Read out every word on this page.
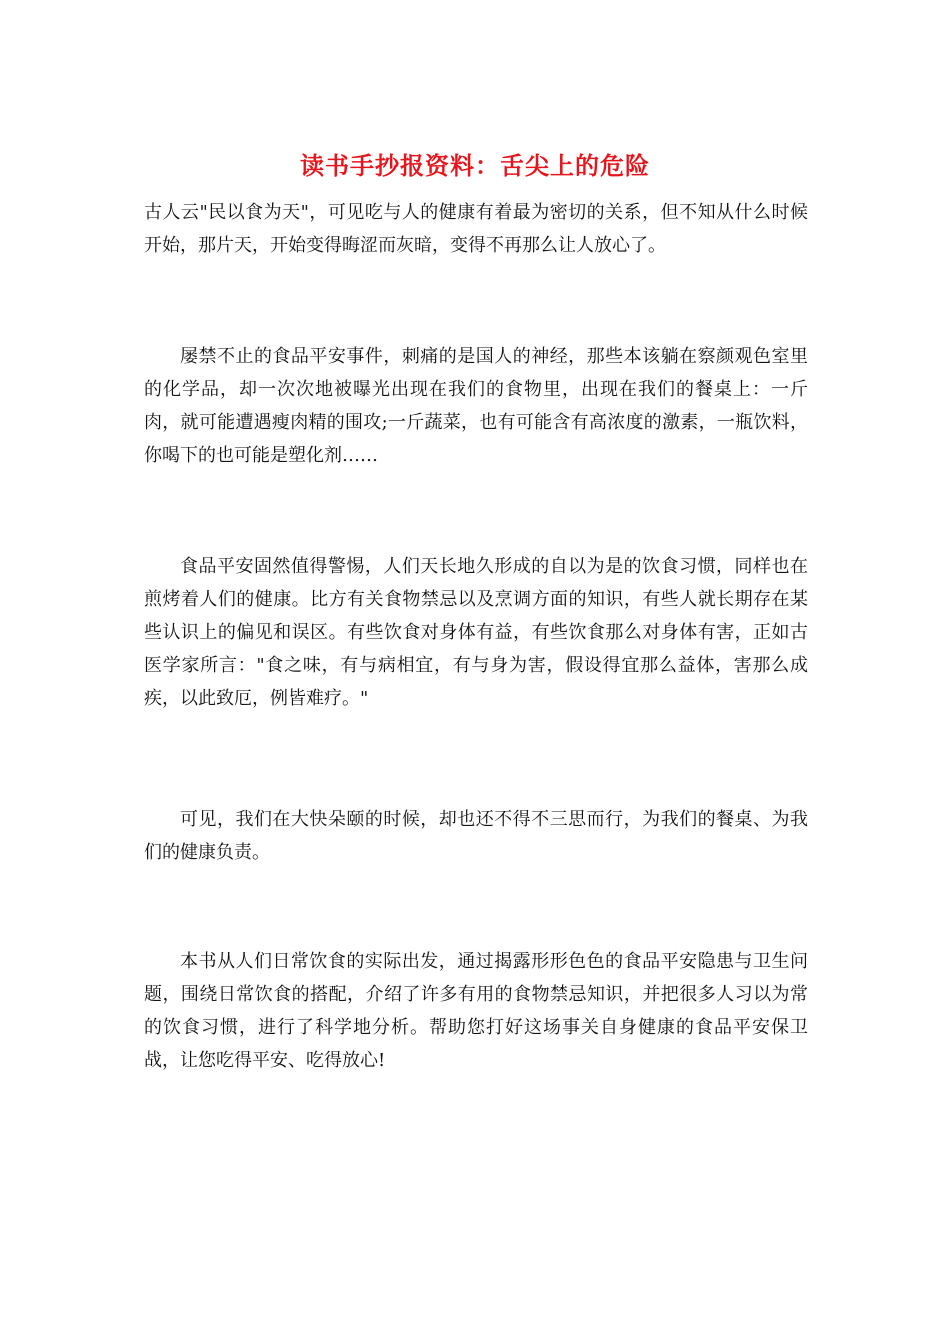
读书手抄报资料：舌尖上的危险

古人云"民以食为天"，可见吃与人的健康有着最为密切的关系，但不知从什么时候开始，那片天，开始变得晦涩而灰暗，变得不再那么让人放心了。

屡禁不止的食品平安事件，刺痛的是国人的神经，那些本该躺在察颜观色室里的化学品，却一次次地被曝光出现在我们的食物里，出现在我们的餐桌上：一斤肉，就可能遭遇瘦肉精的围攻;一斤蔬菜，也有可能含有高浓度的激素，一瓶饮料，你喝下的也可能是塑化剂……

食品平安固然值得警惕，人们天长地久形成的自以为是的饮食习惯，同样也在煎烤着人们的健康。比方有关食物禁忌以及烹调方面的知识，有些人就长期存在某些认识上的偏见和误区。有些饮食对身体有益，有些饮食那么对身体有害，正如古医学家所言："食之味，有与病相宜，有与身为害，假设得宜那么益体，害那么成疾，以此致厄，例皆难疗。"

可见，我们在大快朵颐的时候，却也还不得不三思而行，为我们的餐桌、为我们的健康负责。

本书从人们日常饮食的实际出发，通过揭露形形色色的食品平安隐患与卫生问题，围绕日常饮食的搭配，介绍了许多有用的食物禁忌知识，并把很多人习以为常的饮食习惯，进行了科学地分析。帮助您打好这场事关自身健康的食品平安保卫战，让您吃得平安、吃得放心!
